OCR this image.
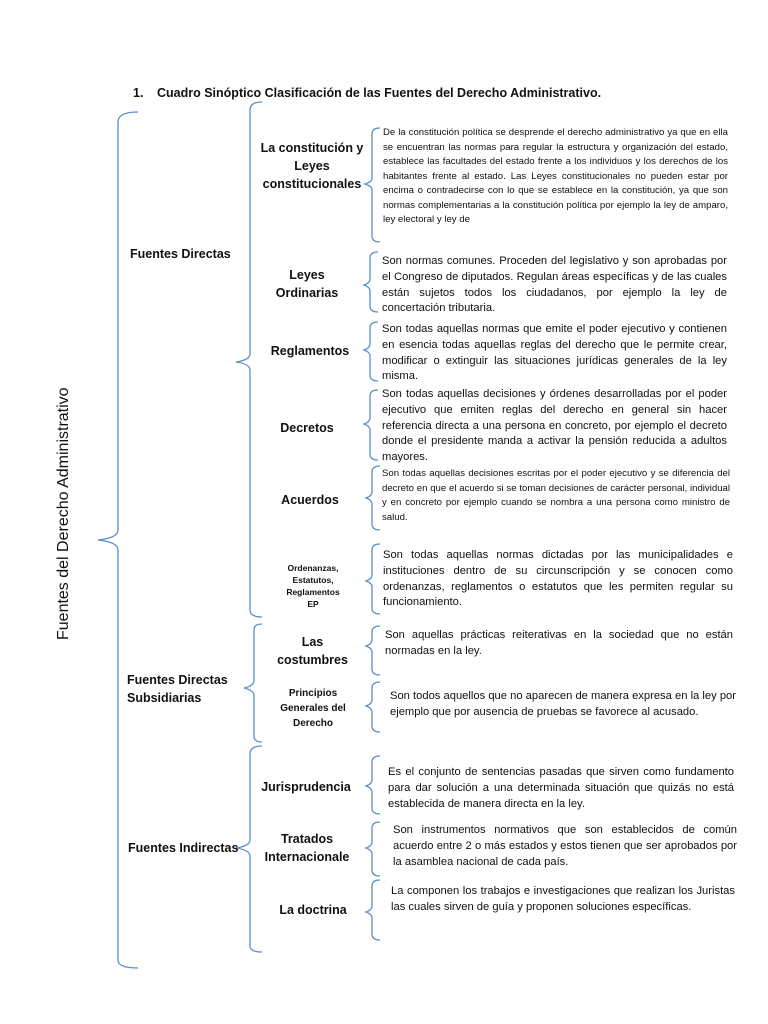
1. Cuadro Sinóptico Clasificación de las Fuentes del Derecho Administrativo.
Fuentes del Derecho Administrativo
Fuentes Directas
Fuentes Directas Subsidiarias
Fuentes Indirectas
La constitución y Leyes constitucionales
Leyes Ordinarias
Reglamentos
Decretos
Acuerdos
Ordenanzas, Estatutos, Reglamentos EP
Las costumbres
Principios Generales del Derecho
Jurisprudencia
Tratados Internacionale
La doctrina
De la constitución política se desprende el derecho administrativo ya que en ella se encuentran las normas para regular la estructura y organización del estado, establece las facultades del estado frente a los individuos y los derechos de los habitantes frente al estado. Las Leyes constitucionales no pueden estar por encima o contradecirse con lo que se establece en la constitución, ya que son normas complementarias a la constitución política por ejemplo la ley de amparo, ley electoral y ley de
Son normas comunes. Proceden del legislativo y son aprobadas por el Congreso de diputados. Regulan áreas específicas y de las cuales están sujetos todos los ciudadanos, por ejemplo la ley de concertación tributaria.
Son todas aquellas normas que emite el poder ejecutivo y contienen en esencia todas aquellas reglas del derecho que le permite crear, modificar o extinguir las situaciones jurídicas generales de la ley misma.
Son todas aquellas decisiones y órdenes desarrolladas por el poder ejecutivo que emiten reglas del derecho en general sin hacer referencia directa a una persona en concreto, por ejemplo el decreto donde el presidente manda a activar la pensión reducida a adultos mayores.
Son todas aquellas decisiones escritas por el poder ejecutivo y se diferencia del decreto en que el acuerdo si se toman decisiones de carácter personal, individual y en concreto por ejemplo cuando se nombra a una persona como ministro de salud.
Son todas aquellas normas dictadas por las municipalidades e instituciones dentro de su circunscripción y se conocen como ordenanzas, reglamentos o estatutos que les permiten regular su funcionamiento.
Son aquellas prácticas reiterativas en la sociedad que no están normadas en la ley.
Son todos aquellos que no aparecen de manera expresa en la ley por ejemplo que por ausencia de pruebas se favorece al acusado.
Es el conjunto de sentencias pasadas que sirven como fundamento para dar solución a una determinada situación que quizás no está establecida de manera directa en la ley.
Son instrumentos normativos que son establecidos de común acuerdo entre 2 o más estados y estos tienen que ser aprobados por la asamblea nacional de cada país.
La componen los trabajos e investigaciones que realizan los Juristas las cuales sirven de guía y proponen soluciones específicas.
